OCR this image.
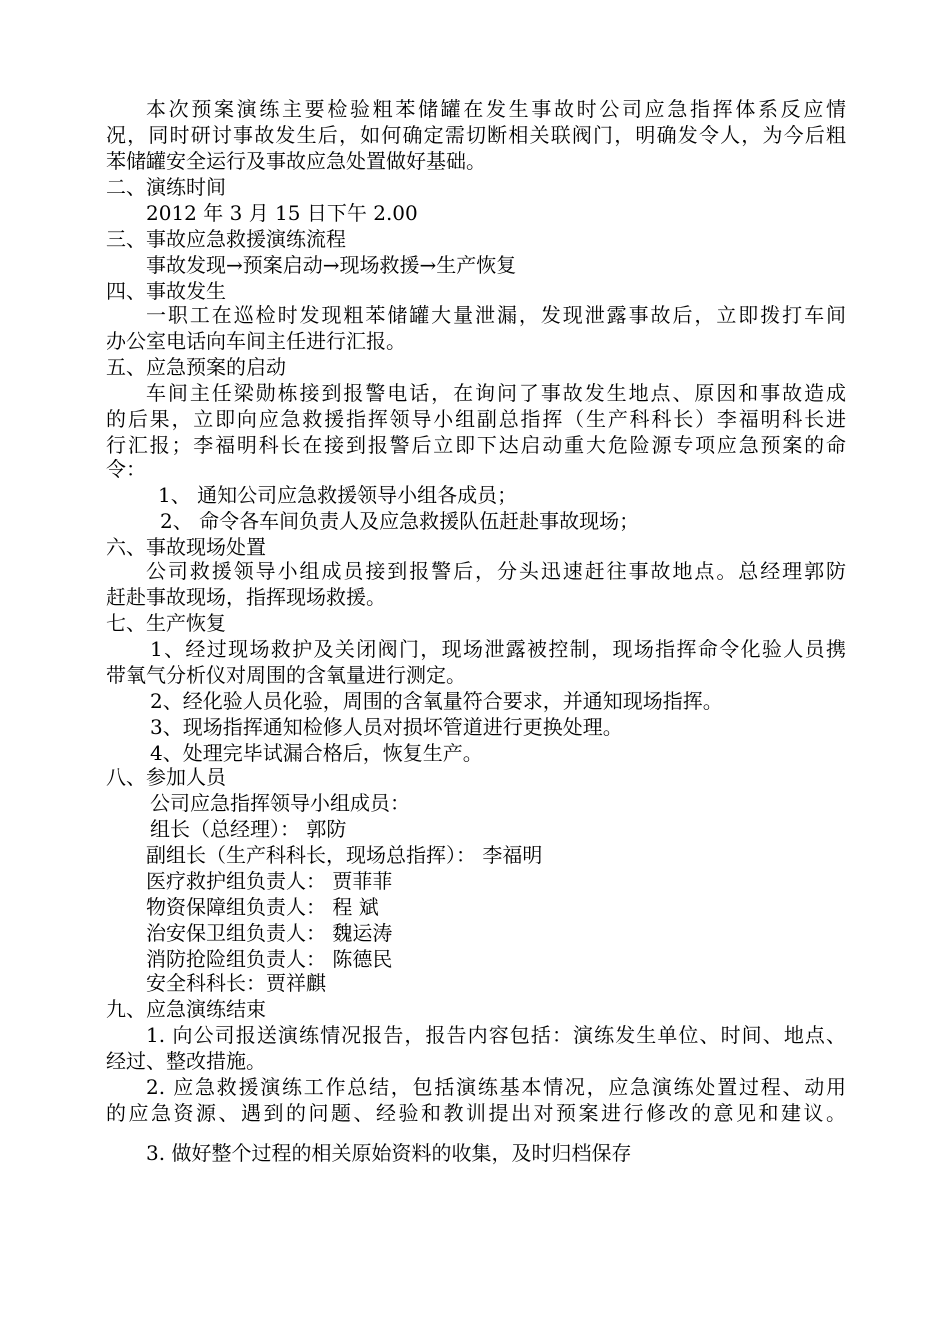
本次预案演练主要检验粗苯储罐在发生事故时公司应急指挥体系反应情
况，同时研讨事故发生后，如何确定需切断相关联阀门，明确发令人，为今后粗
苯储罐安全运行及事故应急处置做好基础。
二、演练时间
2012 年 3 月 15 日下午 2.00
三、事故应急救援演练流程
事故发现→预案启动→现场救援→生产恢复
四、事故发生
一职工在巡检时发现粗苯储罐大量泄漏，发现泄露事故后，立即拨打车间
办公室电话向车间主任进行汇报。
五、应急预案的启动
车间主任梁勋栋接到报警电话，在询问了事故发生地点、原因和事故造成
的后果，立即向应急救援指挥领导小组副总指挥（生产科科长）李福明科长进
行汇报；李福明科长在接到报警后立即下达启动重大危险源专项应急预案的命
令：
1、 通知公司应急救援领导小组各成员；
2、 命令各车间负责人及应急救援队伍赶赴事故现场；
六、事故现场处置
公司救援领导小组成员接到报警后，分头迅速赶往事故地点。总经理郭防
赶赴事故现场，指挥现场救援。
七、生产恢复
1、经过现场救护及关闭阀门，现场泄露被控制，现场指挥命令化验人员携
带氧气分析仪对周围的含氧量进行测定。
2、经化验人员化验，周围的含氧量符合要求，并通知现场指挥。
3、现场指挥通知检修人员对损坏管道进行更换处理。
4、处理完毕试漏合格后，恢复生产。
八、参加人员
公司应急指挥领导小组成员：
组长（总经理）： 郭防
副组长（生产科科长，现场总指挥）： 李福明
医疗救护组负责人： 贾菲菲
物资保障组负责人： 程 斌
治安保卫组负责人： 魏运涛
消防抢险组负责人： 陈德民
安全科科长：贾祥麒
九、应急演练结束
1. 向公司报送演练情况报告，报告内容包括：演练发生单位、时间、地点、
经过、整改措施。
2. 应急救援演练工作总结，包括演练基本情况，应急演练处置过程、动用
的应急资源、遇到的问题、经验和教训提出对预案进行修改的意见和建议。
3. 做好整个过程的相关原始资料的收集，及时归档保存
